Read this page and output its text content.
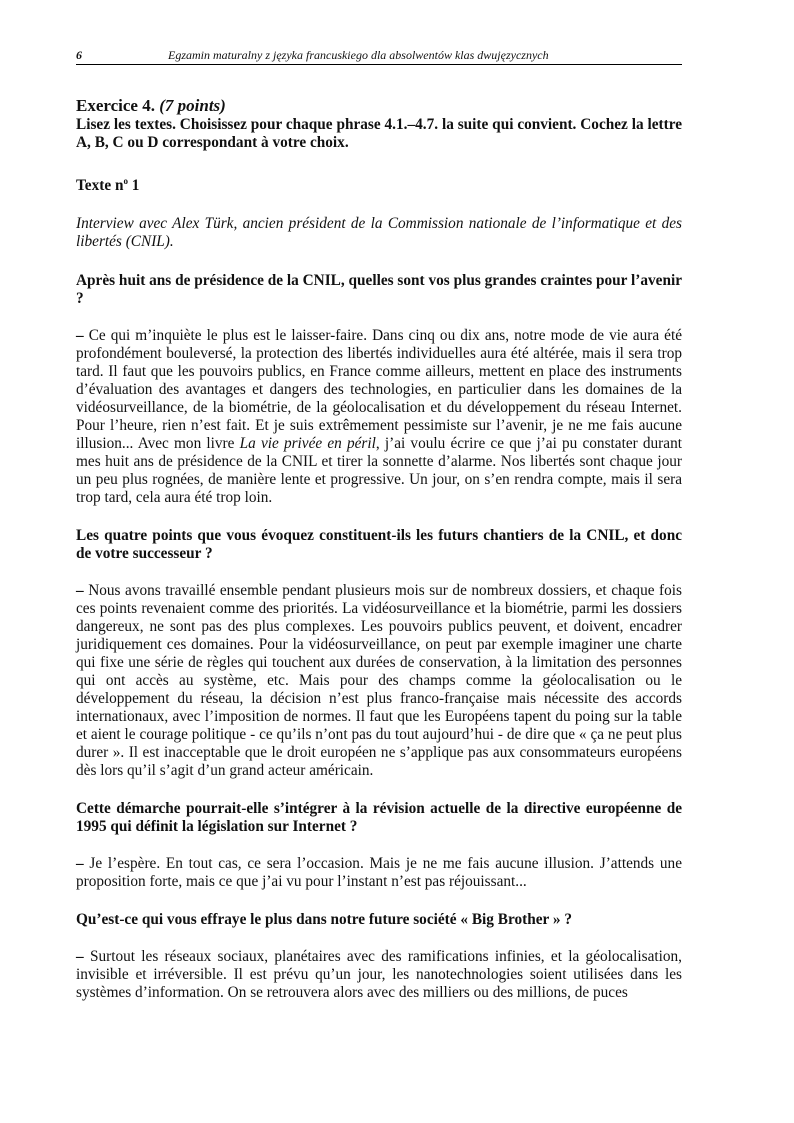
6	Egzamin maturalny z języka francuskiego dla absolwentów klas dwujęzycznych

Exercice 4. (7 points)

Lisez les textes. Choisissez pour chaque phrase 4.1.–4.7. la suite qui convient. Cochez la lettre A, B, C ou D correspondant à votre choix.

Texte $n^o$ 1

Interview avec Alex Türk, ancien président de la Commission nationale de l’informatique et des libertés (CNIL).

Après huit ans de présidence de la CNIL, quelles sont vos plus grandes craintes pour l’avenir ?

– Ce qui m’inquiète le plus est le laisser-faire. Dans cinq ou dix ans, notre mode de vie aura été profondément bouleversé, la protection des libertés individuelles aura été altérée, mais il sera trop tard. Il faut que les pouvoirs publics, en France comme ailleurs, mettent en place des instruments d’évaluation des avantages et dangers des technologies, en particulier dans les domaines de la vidéosurveillance, de la biométrie, de la géolocalisation et du développement du réseau Internet. Pour l’heure, rien n’est fait. Et je suis extrêmement pessimiste sur l’avenir, je ne me fais aucune illusion... Avec mon livre La vie privée en péril, j’ai voulu écrire ce que j’ai pu constater durant mes huit ans de présidence de la CNIL et tirer la sonnette d’alarme. Nos libertés sont chaque jour un peu plus rognées, de manière lente et progressive. Un jour, on s’en rendra compte, mais il sera trop tard, cela aura été trop loin.

Les quatre points que vous évoquez constituent-ils les futurs chantiers de la CNIL, et donc de votre successeur ?

– Nous avons travaillé ensemble pendant plusieurs mois sur de nombreux dossiers, et chaque fois ces points revenaient comme des priorités. La vidéosurveillance et la biométrie, parmi les dossiers dangereux, ne sont pas des plus complexes. Les pouvoirs publics peuvent, et doivent, encadrer juridiquement ces domaines. Pour la vidéosurveillance, on peut par exemple imaginer une charte qui fixe une série de règles qui touchent aux durées de conservation, à la limitation des personnes qui ont accès au système, etc. Mais pour des champs comme la géolocalisation ou le développement du réseau, la décision n’est plus franco-française mais nécessite des accords internationaux, avec l’imposition de normes. Il faut que les Européens tapent du poing sur la table et aient le courage politique - ce qu’ils n’ont pas du tout aujourd’hui - de dire que « ça ne peut plus durer ». Il est inacceptable que le droit européen ne s’applique pas aux consommateurs européens dès lors qu’il s’agit d’un grand acteur américain.

Cette démarche pourrait-elle s’intégrer à la révision actuelle de la directive européenne de 1995 qui définit la législation sur Internet ?

– Je l’espère. En tout cas, ce sera l’occasion. Mais je ne me fais aucune illusion. J’attends une proposition forte, mais ce que j’ai vu pour l’instant n’est pas réjouissant...

Qu’est-ce qui vous effraye le plus dans notre future société « Big Brother » ?

– Surtout les réseaux sociaux, planétaires avec des ramifications infinies, et la géolocalisation, invisible et irréversible. Il est prévu qu’un jour, les nanotechnologies soient utilisées dans les systèmes d’information. On se retrouvera alors avec des milliers ou des millions, de puces
